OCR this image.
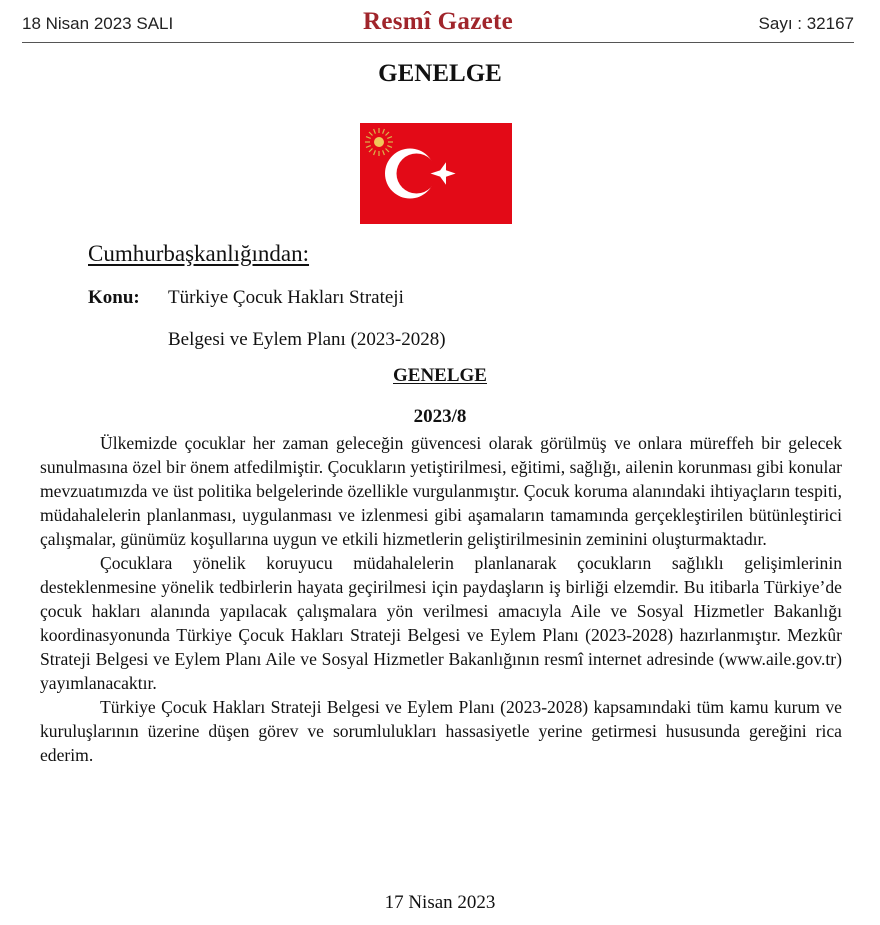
18 Nisan 2023 SALI	Resmî Gazete	Sayı : 32167
GENELGE
Cumhurbaşkanlığından:
Konu: Türkiye Çocuk Hakları Strateji
Belgesi ve Eylem Planı (2023-2028)
GENELGE
2023/8

Ülkemizde çocuklar her zaman geleceğin güvencesi olarak görülmüş ve onlara müreffeh bir gelecek sunulmasına özel bir önem atfedilmiştir. Çocukların yetiştirilmesi, eğitimi, sağlığı, ailenin korunması gibi konular mevzuatımızda ve üst politika belgelerinde özellikle vurgulanmıştır. Çocuk koruma alanındaki ihtiyaçların tespiti, müdahalelerin planlanması, uygulanması ve izlenmesi gibi aşamaların tamamında gerçekleştirilen bütünleştirici çalışmalar, günümüz koşullarına uygun ve etkili hizmetlerin geliştirilmesinin zeminini oluşturmaktadır.

Çocuklara yönelik koruyucu müdahalelerin planlanarak çocukların sağlıklı gelişimlerinin desteklenmesine yönelik tedbirlerin hayata geçirilmesi için paydaşların iş birliği elzemdir. Bu itibarla Türkiye’de çocuk hakları alanında yapılacak çalışmalara yön verilmesi amacıyla Aile ve Sosyal Hizmetler Bakanlığı koordinasyonunda Türkiye Çocuk Hakları Strateji Belgesi ve Eylem Planı (2023-2028) hazırlanmıştır. Mezkûr Strateji Belgesi ve Eylem Planı Aile ve Sosyal Hizmetler Bakanlığının resmî internet adresinde (www.aile.gov.tr) yayımlanacaktır.

Türkiye Çocuk Hakları Strateji Belgesi ve Eylem Planı (2023-2028) kapsamındaki tüm kamu kurum ve kuruluşlarının üzerine düşen görev ve sorumlulukları hassasiyetle yerine getirmesi hususunda gereğini rica ederim.

17 Nisan 2023
